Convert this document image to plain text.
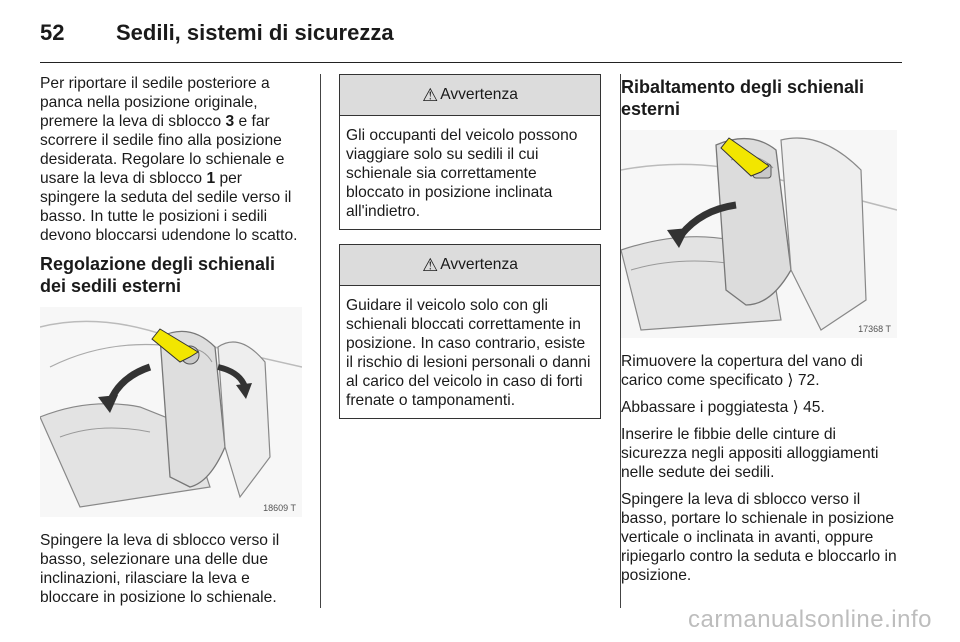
52 Sedili, sistemi di sicurezza

Per riportare il sedile posteriore a panca nella posizione originale, premere la leva di sblocco 3 e far scorrere il sedile fino alla posizione desiderata. Regolare lo schienale e usare la leva di sblocco 1 per spingere la seduta del sedile verso il basso. In tutte le posizioni i sedili devono bloccarsi udendone lo scatto.

Regolazione degli schienali dei sedili esterni
18609 T

Spingere la leva di sblocco verso il basso, selezionare una delle due inclinazioni, rilasciare la leva e bloccare in posizione lo schienale.

⚠ Avvertenza
Gli occupanti del veicolo possono viaggiare solo su sedili il cui schienale sia correttamente bloccato in posizione inclinata all'indietro.
⚠ Avvertenza
Guidare il veicolo solo con gli schienali bloccati correttamente in posizione. In caso contrario, esiste il rischio di lesioni personali o danni al carico del veicolo in caso di forti frenate o tamponamenti.
Ribaltamento degli schienali esterni
17368 T

Rimuovere la copertura del vano di carico come specificato ⟩ 72.

Abbassare i poggiatesta ⟩ 45.

Inserire le fibbie delle cinture di sicurezza negli appositi alloggiamenti nelle sedute dei sedili.

Spingere la leva di sblocco verso il basso, portare lo schienale in posizione verticale o inclinata in avanti, oppure ripiegarlo contro la seduta e bloccarlo in posizione.

carmanualsonline.info
